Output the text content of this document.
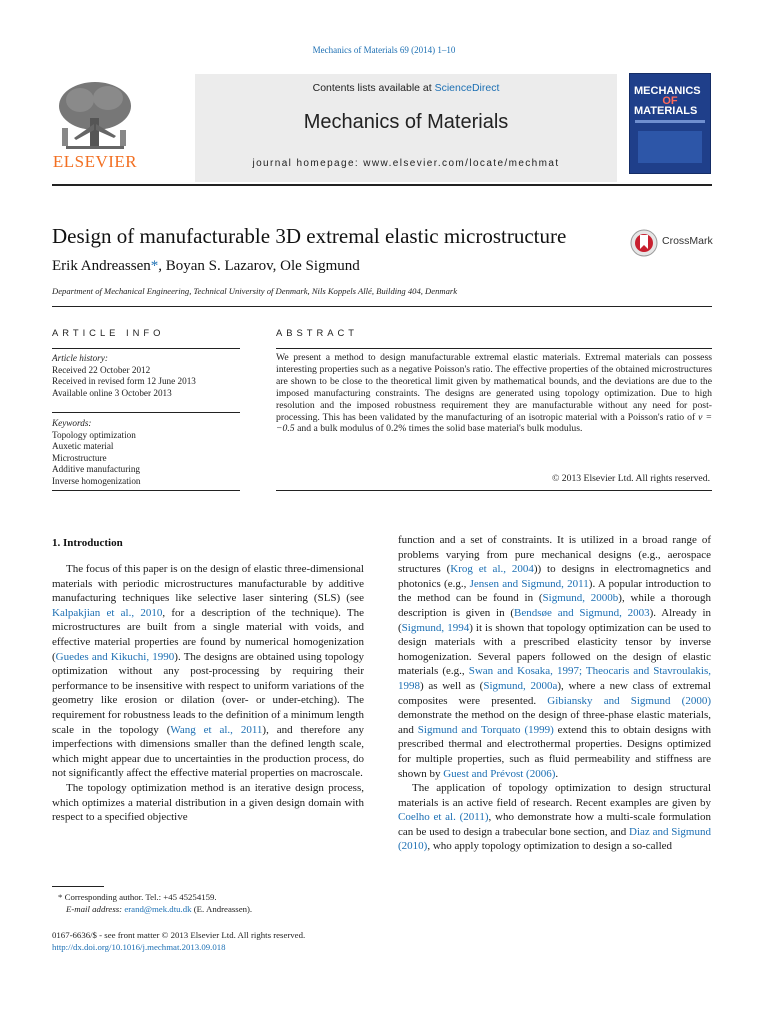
Mechanics of Materials 69 (2014) 1–10
ELSEVIER
Contents lists available at ScienceDirect
Mechanics of Materials
journal homepage: www.elsevier.com/locate/mechmat
MECHANICS
OF
MATERIALS
Design of manufacturable 3D extremal elastic microstructure	CrossMark
Erik Andreassen*, Boyan S. Lazarov, Ole Sigmund
Department of Mechanical Engineering, Technical University of Denmark, Nils Koppels Allé, Building 404, Denmark
ARTICLE INFO
Article history:
Received 22 October 2012
Received in revised form 12 June 2013
Available online 3 October 2013
Keywords:
Topology optimization
Auxetic material
Microstructure
Additive manufacturing
Inverse homogenization
ABSTRACT
We present a method to design manufacturable extremal elastic materials. Extremal materials can possess interesting properties such as a negative Poisson's ratio. The effective properties of the obtained microstructures are shown to be close to the theoretical limit given by mathematical bounds, and the deviations are due to the imposed manufacturing constraints. The designs are generated using topology optimization. Due to high resolution and the imposed robustness requirement they are manufacturable without any need for post-processing. This has been validated by the manufacturing of an isotropic material with a Poisson's ratio of ν = −0.5 and a bulk modulus of 0.2% times the solid base material's bulk modulus.
© 2013 Elsevier Ltd. All rights reserved.
1. Introduction

The focus of this paper is on the design of elastic three-dimensional materials with periodic microstructures manufacturable by additive manufacturing techniques like selective laser sintering (SLS) (see Kalpakjian et al., 2010, for a description of the technique). The microstructures are built from a single material with voids, and effective material properties are found by numerical homogenization (Guedes and Kikuchi, 1990). The designs are obtained using topology optimization without any post-processing by requiring their performance to be insensitive with respect to uniform variations of the geometry like erosion or dilation (over- or under-etching). The requirement for robustness leads to the definition of a minimum length scale in the topology (Wang et al., 2011), and therefore any imperfections with dimensions smaller than the defined length scale, which might appear due to uncertainties in the production process, do not significantly affect the effective material properties on macroscale.

The topology optimization method is an iterative design process, which optimizes a material distribution in a given design domain with respect to a specified objective

function and a set of constraints. It is utilized in a broad range of problems varying from pure mechanical designs (e.g., aerospace structures (Krog et al., 2004)) to designs in electromagnetics and photonics (e.g., Jensen and Sigmund, 2011). A popular introduction to the method can be found in (Sigmund, 2000b), while a thorough description is given in (Bendsøe and Sigmund, 2003). Already in (Sigmund, 1994) it is shown that topology optimization can be used to design materials with a prescribed elasticity tensor by inverse homogenization. Several papers followed on the design of elastic materials (e.g., Swan and Kosaka, 1997; Theocaris and Stavroulakis, 1998) as well as (Sigmund, 2000a), where a new class of extremal composites were presented. Gibiansky and Sigmund (2000) demonstrate the method on the design of three-phase elastic materials, and Sigmund and Torquato (1999) extend this to obtain designs with prescribed thermal and electrothermal properties. Designs optimized for multiple properties, such as fluid permeability and stiffness are shown by Guest and Prévost (2006).

The application of topology optimization to design structural materials is an active field of research. Recent examples are given by Coelho et al. (2011), who demonstrate how a multi-scale formulation can be used to design a trabecular bone section, and Diaz and Sigmund (2010), who apply topology optimization to design a so-called

* Corresponding author. Tel.: +45 45254159.
E-mail address: erand@mek.dtu.dk (E. Andreassen).
0167-6636/$ - see front matter © 2013 Elsevier Ltd. All rights reserved.
http://dx.doi.org/10.1016/j.mechmat.2013.09.018
